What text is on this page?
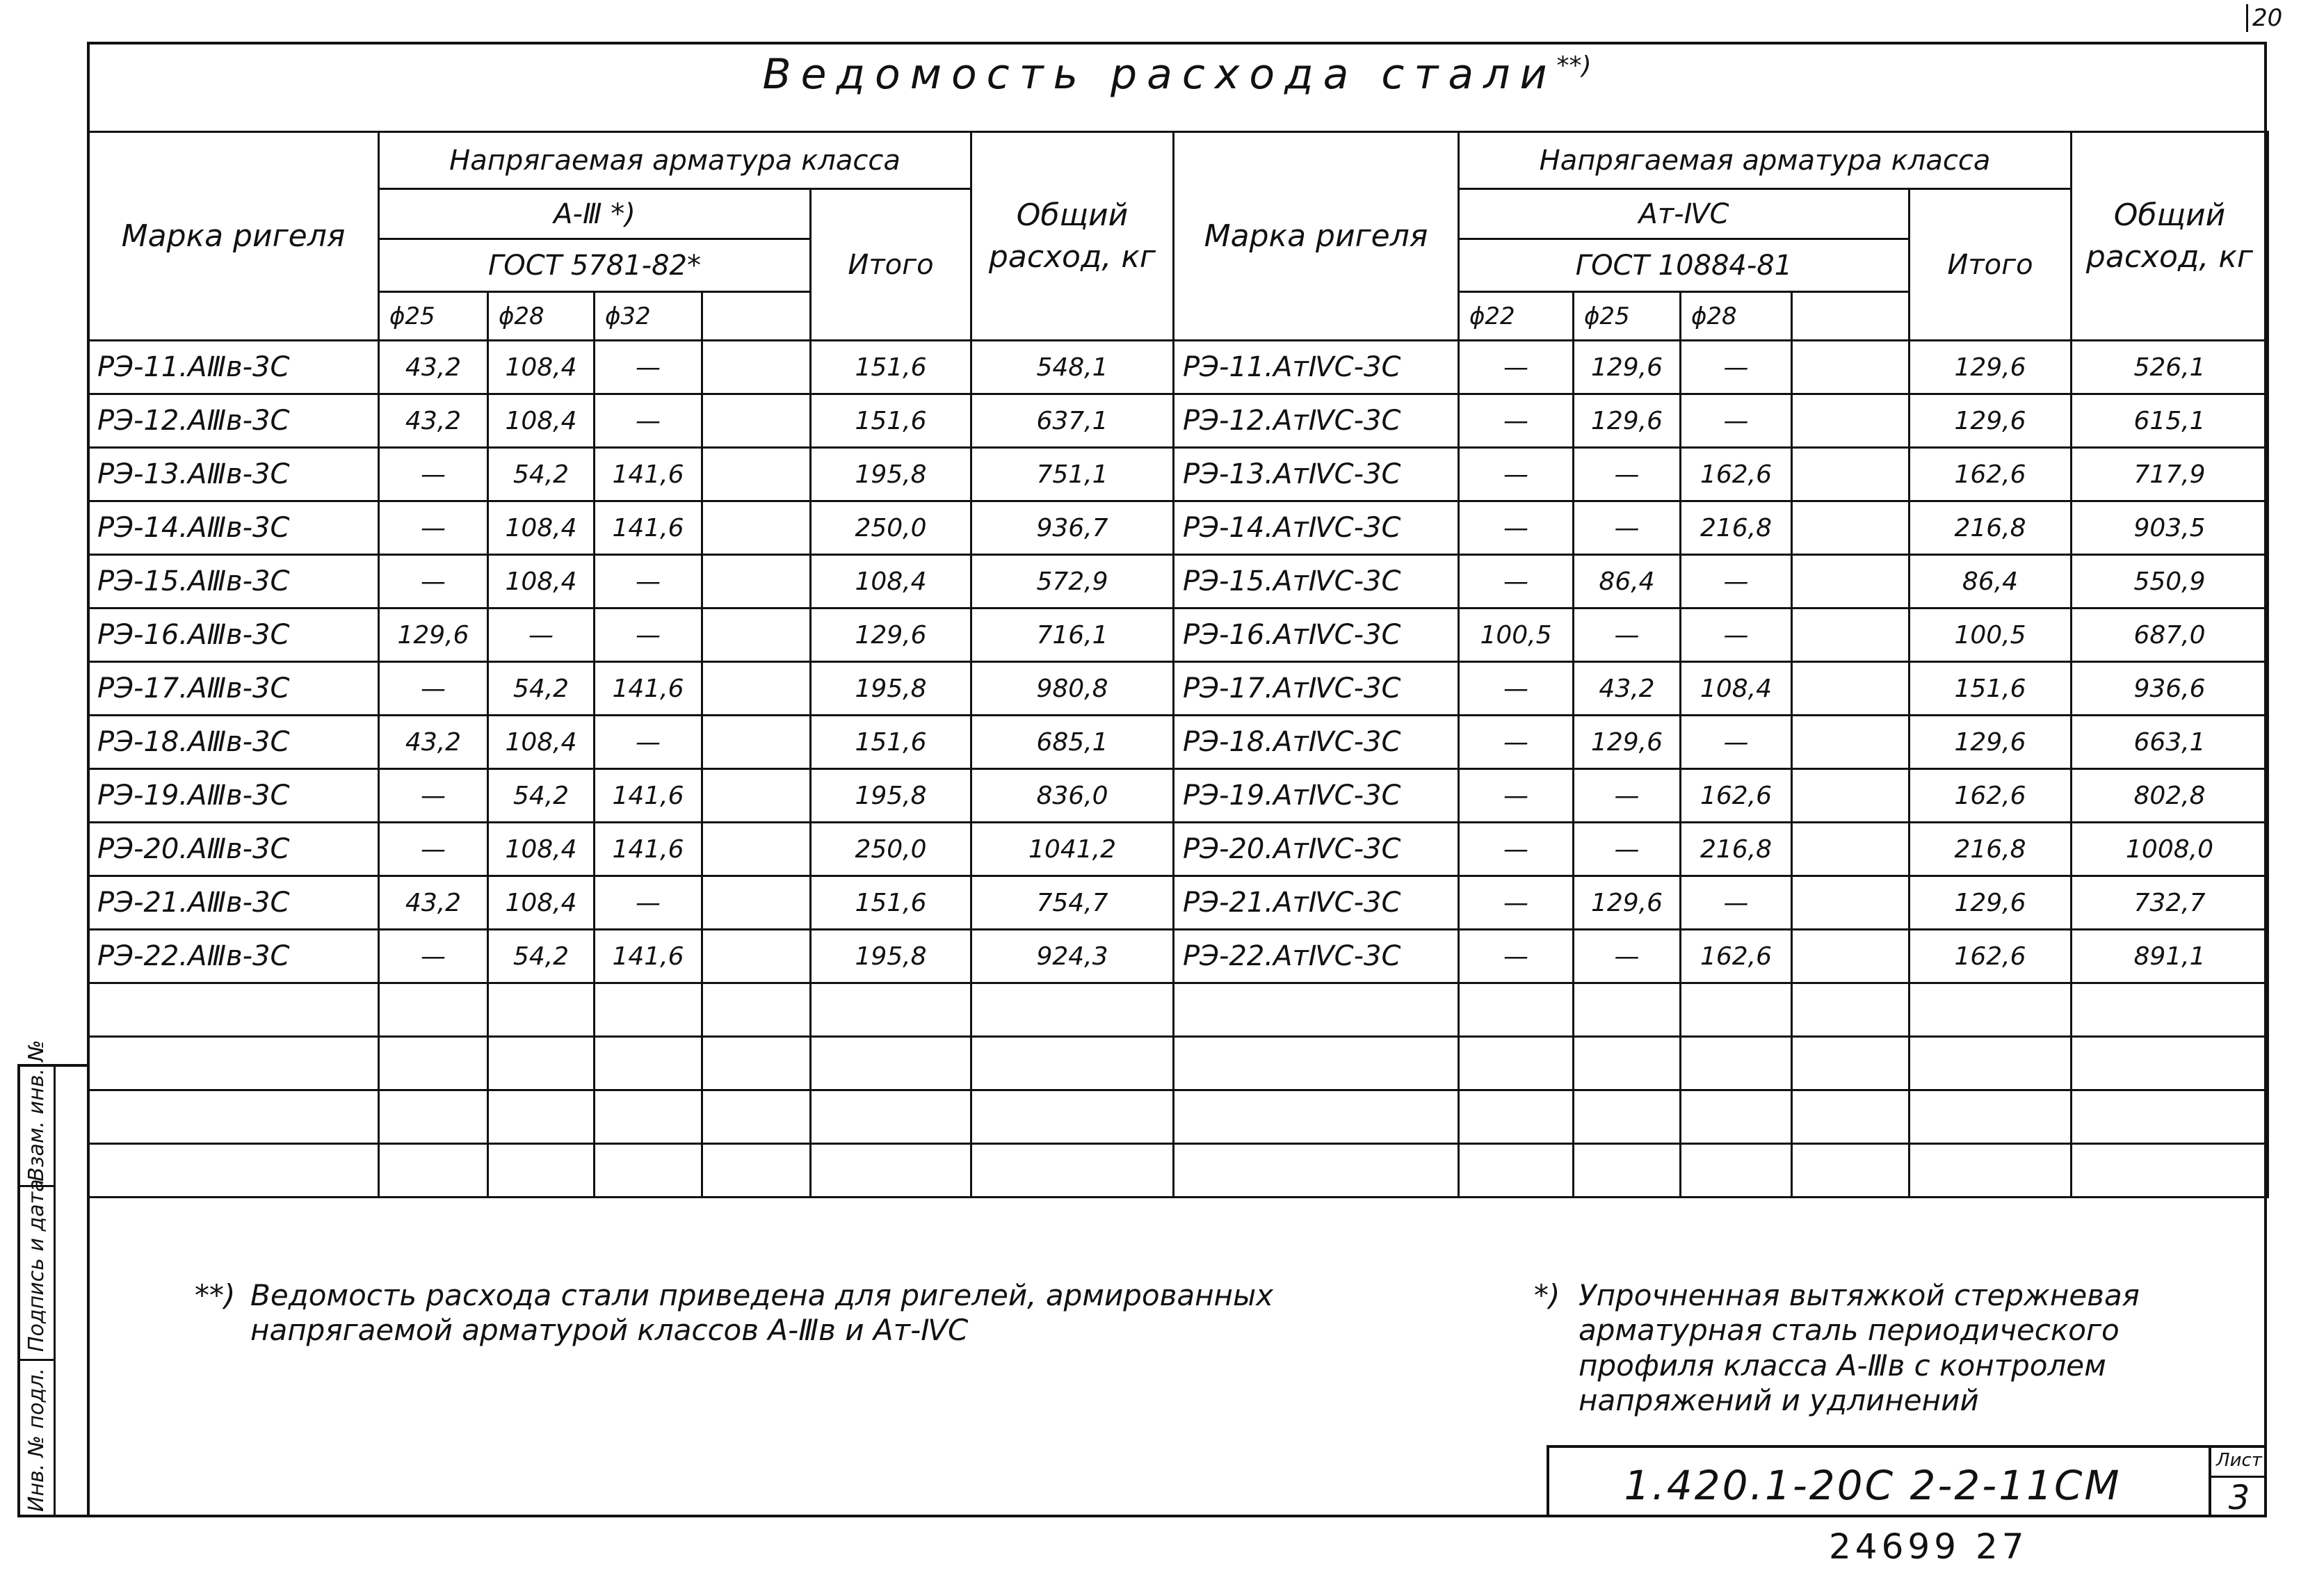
20
Инв. № подл.
Подпись и дата
Взам. инв. №
Ведомость расхода стали**)
Марка ригеля	Напрягаемая арматура класса					Общий расход, кг	Марка ригеля	Напрягаемая арматура класса					Общий расход, кг
	А-Ⅲ *)				Итого			Ат-ⅣС				Итого	
	ГОСТ 5781-82*							ГОСТ 10884-81					
	ϕ25	ϕ28	ϕ32					ϕ22	ϕ25	ϕ28			
РЭ-11.АⅢв-3С	43,2	108,4	—		151,6	548,1	РЭ-11.АтⅣС-3С	—	129,6	—		129,6	526,1
РЭ-12.АⅢв-3С	43,2	108,4	—		151,6	637,1	РЭ-12.АтⅣС-3С	—	129,6	—		129,6	615,1
РЭ-13.АⅢв-3С	—	54,2	141,6		195,8	751,1	РЭ-13.АтⅣС-3С	—	—	162,6		162,6	717,9
РЭ-14.АⅢв-3С	—	108,4	141,6		250,0	936,7	РЭ-14.АтⅣС-3С	—	—	216,8		216,8	903,5
РЭ-15.АⅢв-3С	—	108,4	—		108,4	572,9	РЭ-15.АтⅣС-3С	—	86,4	—		86,4	550,9
РЭ-16.АⅢв-3С	129,6	—	—		129,6	716,1	РЭ-16.АтⅣС-3С	100,5	—	—		100,5	687,0
РЭ-17.АⅢв-3С	—	54,2	141,6		195,8	980,8	РЭ-17.АтⅣС-3С	—	43,2	108,4		151,6	936,6
РЭ-18.АⅢв-3С	43,2	108,4	—		151,6	685,1	РЭ-18.АтⅣС-3С	—	129,6	—		129,6	663,1
РЭ-19.АⅢв-3С	—	54,2	141,6		195,8	836,0	РЭ-19.АтⅣС-3С	—	—	162,6		162,6	802,8
РЭ-20.АⅢв-3С	—	108,4	141,6		250,0	1041,2	РЭ-20.АтⅣС-3С	—	—	216,8		216,8	1008,0
РЭ-21.АⅢв-3С	43,2	108,4	—		151,6	754,7	РЭ-21.АтⅣС-3С	—	129,6	—		129,6	732,7
РЭ-22.АⅢв-3С	—	54,2	141,6		195,8	924,3	РЭ-22.АтⅣС-3С	—	—	162,6		162,6	891,1

**) Ведомость расхода стали приведена для ригелей, армированных напрягаемой арматурой классов А-Ⅲв и Ат-ⅣС
*) Упрочненная вытяжкой стержневая арматурная сталь периодического профиля класса А-Ⅲв с контролем напряжений и удлинений
1.420.1-20С 2-2-11СМ
Лист
3
24699 27
